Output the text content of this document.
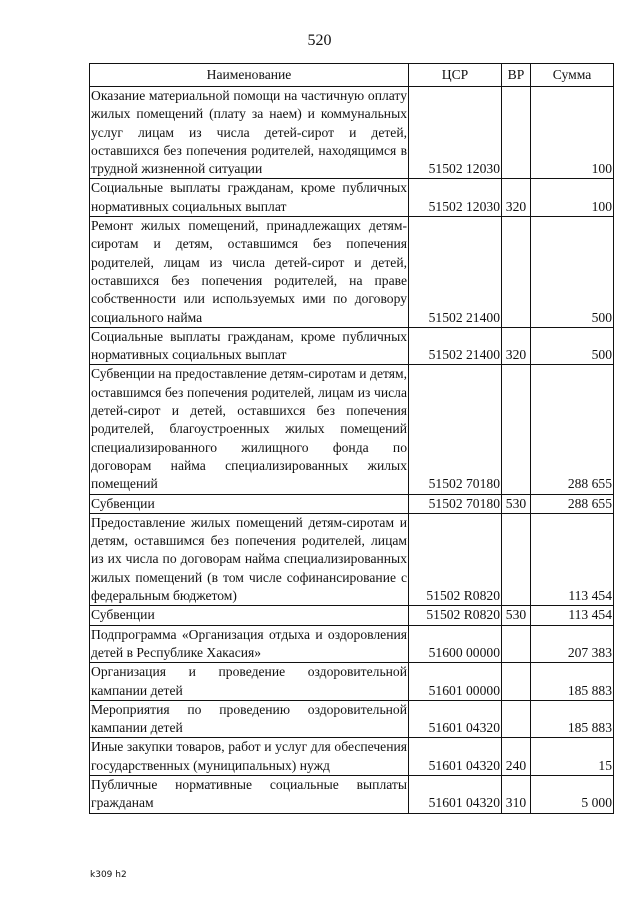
520
Наименование	ЦСР	ВР	Сумма
Оказание материальной помощи на частичную оплату жилых помещений (плату за наем) и коммунальных услуг лицам из числа детей-сирот и детей, оставшихся без попечения родителей, находящимся в трудной жизненной ситуации	51502 12030		100
Социальные выплаты гражданам, кроме публичных нормативных социальных выплат	51502 12030	320	100
Ремонт жилых помещений, принадлежащих детям-сиротам и детям, оставшимся без попечения родителей, лицам из числа детей-сирот и детей, оставшихся без попечения родителей, на праве собственности или используемых ими по договору социального найма	51502 21400		500
Социальные выплаты гражданам, кроме публичных нормативных социальных выплат	51502 21400	320	500
Субвенции на предоставление детям-сиротам и детям, оставшимся без попечения родителей, лицам из числа детей-сирот и детей, оставшихся без попечения родителей, благоустроенных жилых помещений специализированного жилищного фонда по договорам найма специализированных жилых помещений	51502 70180		288 655
Субвенции	51502 70180	530	288 655
Предоставление жилых помещений детям-сиротам и детям, оставшимся без попечения родителей, лицам из их числа по договорам найма специализированных жилых помещений (в том числе софинансирование с федеральным бюджетом)	51502 R0820		113 454
Субвенции	51502 R0820	530	113 454
Подпрограмма «Организация отдыха и оздоровления детей в Республике Хакасия»	51600 00000		207 383
Организация и проведение оздоровительной кампании детей	51601 00000		185 883
Мероприятия по проведению оздоровительной кампании детей	51601 04320		185 883
Иные закупки товаров, работ и услуг для обеспечения государственных (муниципальных) нужд	51601 04320	240	15
Публичные нормативные социальные выплаты гражданам	51601 04320	310	5 000
k309 h2
